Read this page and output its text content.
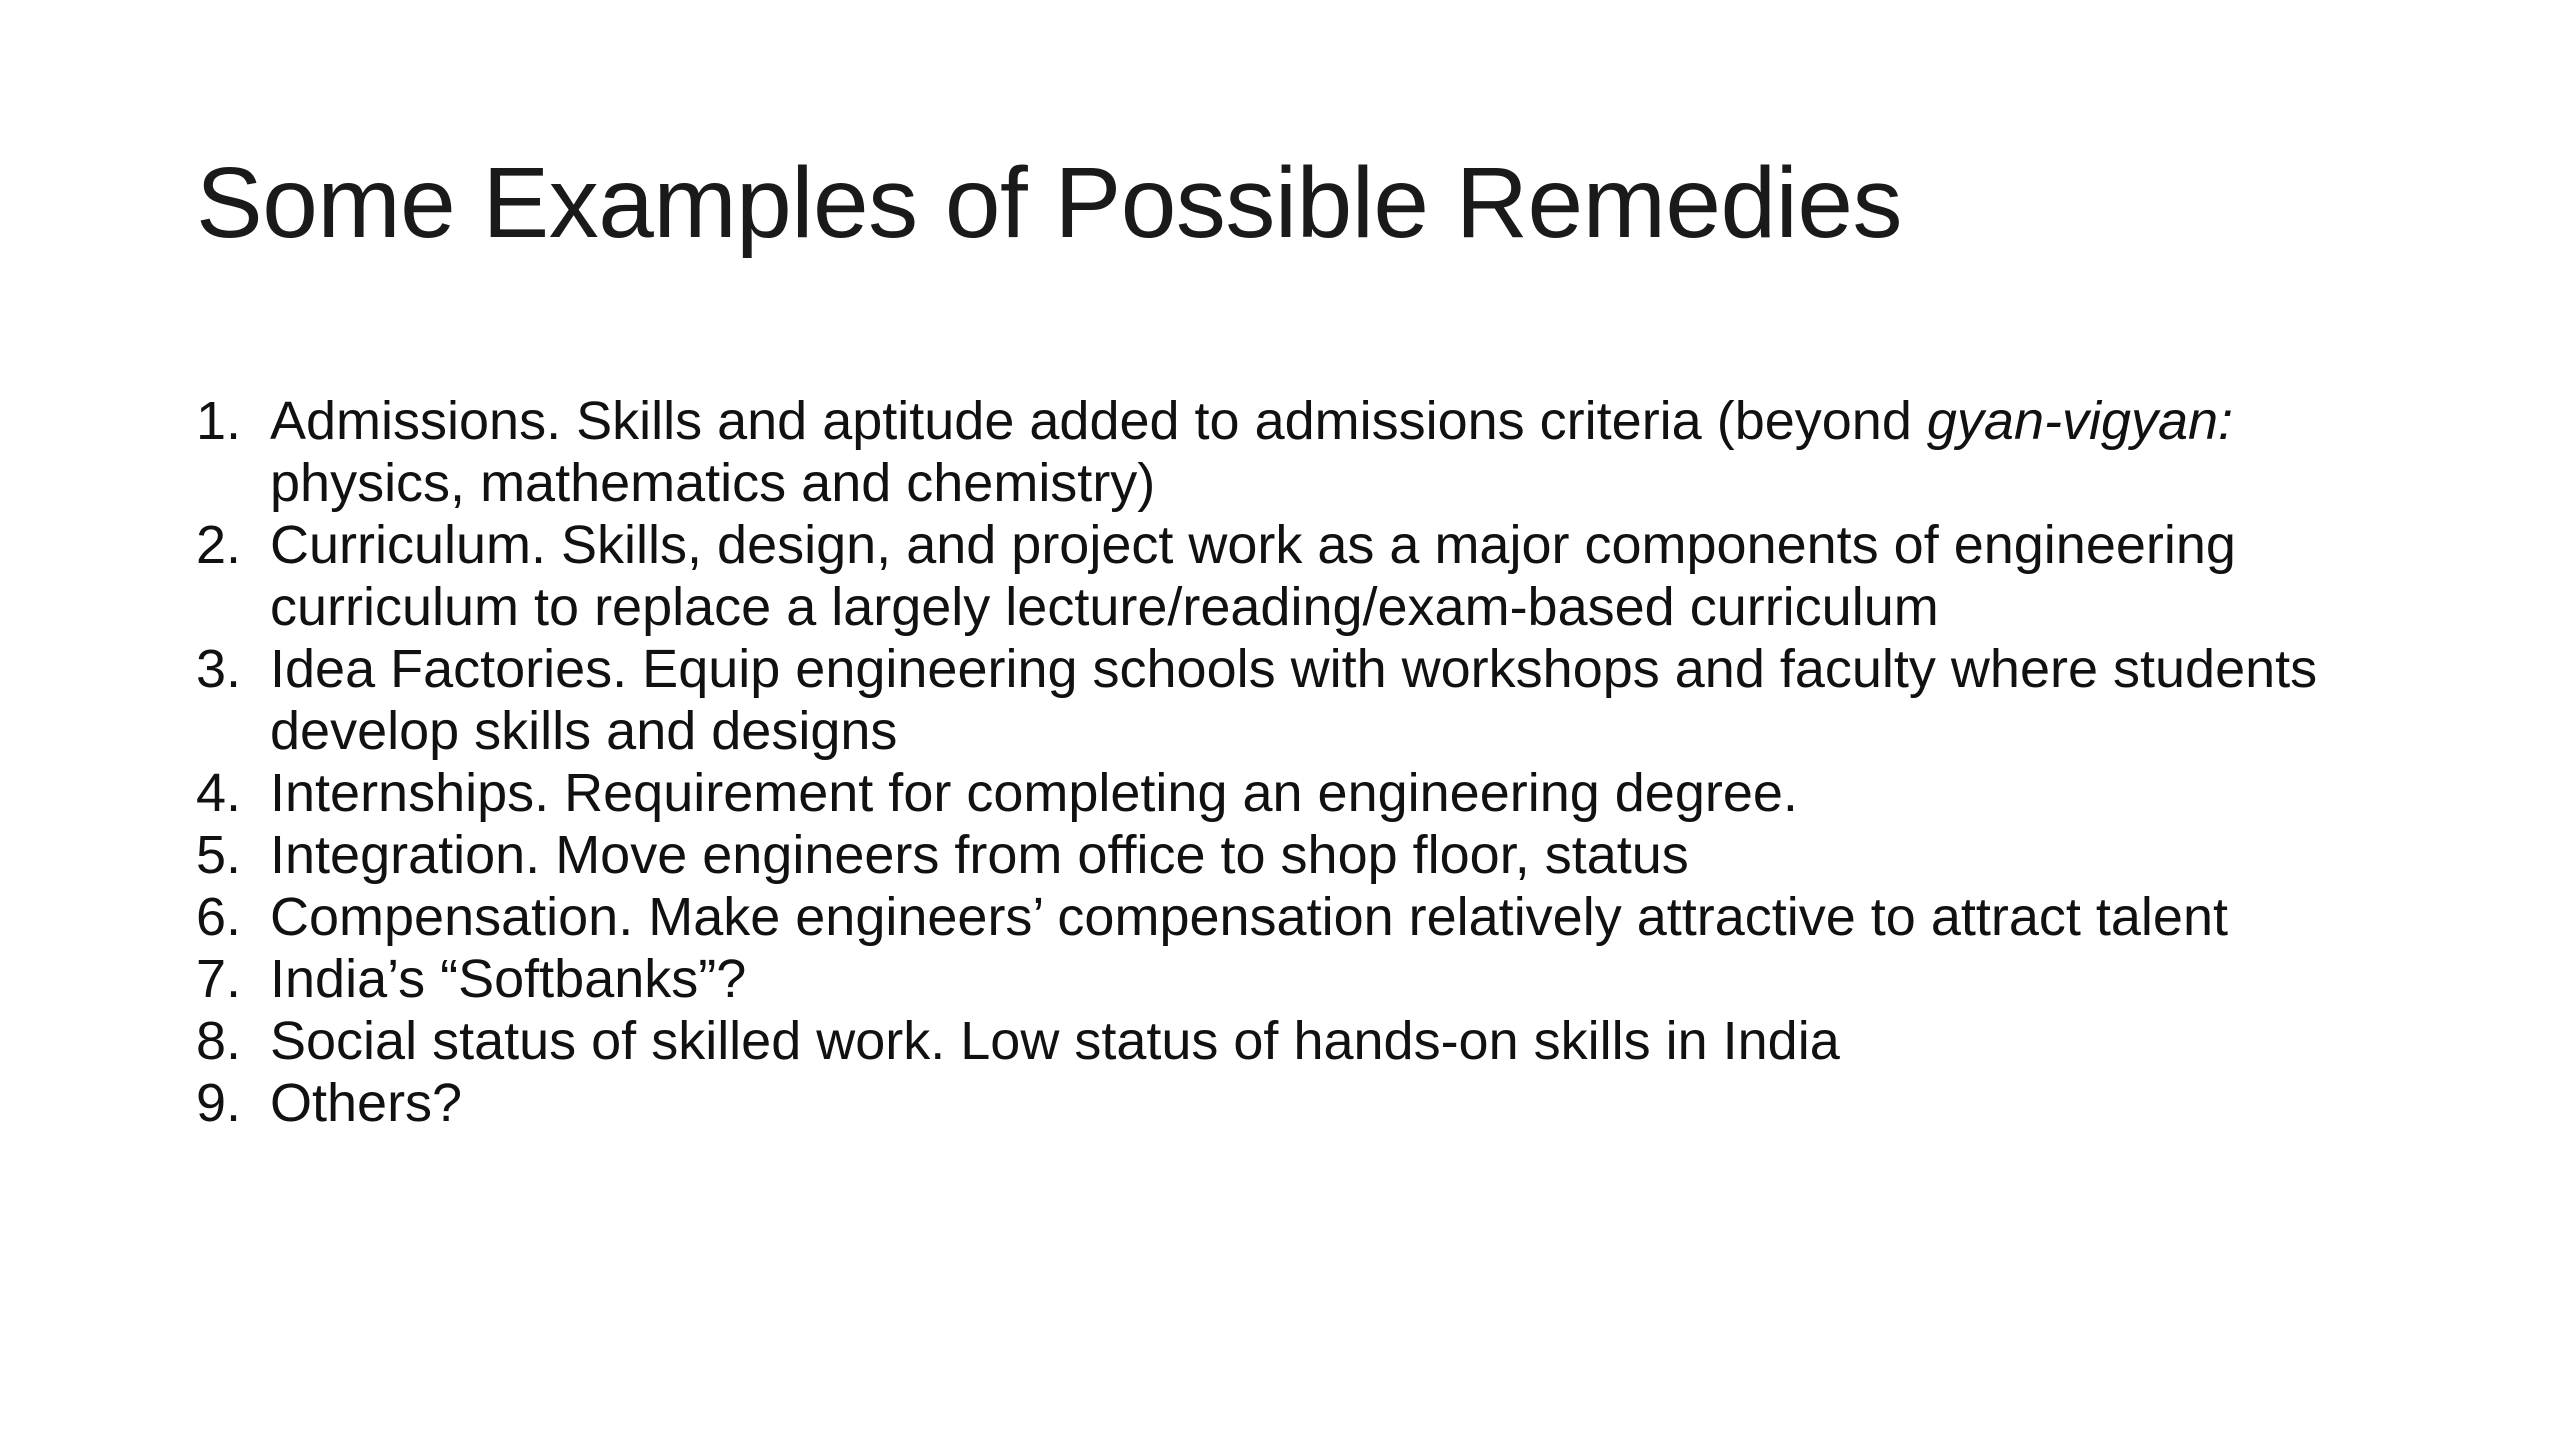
Some Examples of Possible Remedies
1. Admissions. Skills and aptitude added to admissions criteria (beyond gyan-vigyan: physics, mathematics and chemistry)
2. Curriculum. Skills, design, and project work as a major components of engineering curriculum to replace a largely lecture/reading/exam-based curriculum
3. Idea Factories. Equip engineering schools with workshops and faculty where students develop skills and designs
4. Internships. Requirement for completing an engineering degree.
5. Integration. Move engineers from office to shop floor, status
6. Compensation. Make engineers’ compensation relatively attractive to attract talent
7. India’s “Softbanks”?
8. Social status of skilled work. Low status of hands-on skills in India
9. Others?
